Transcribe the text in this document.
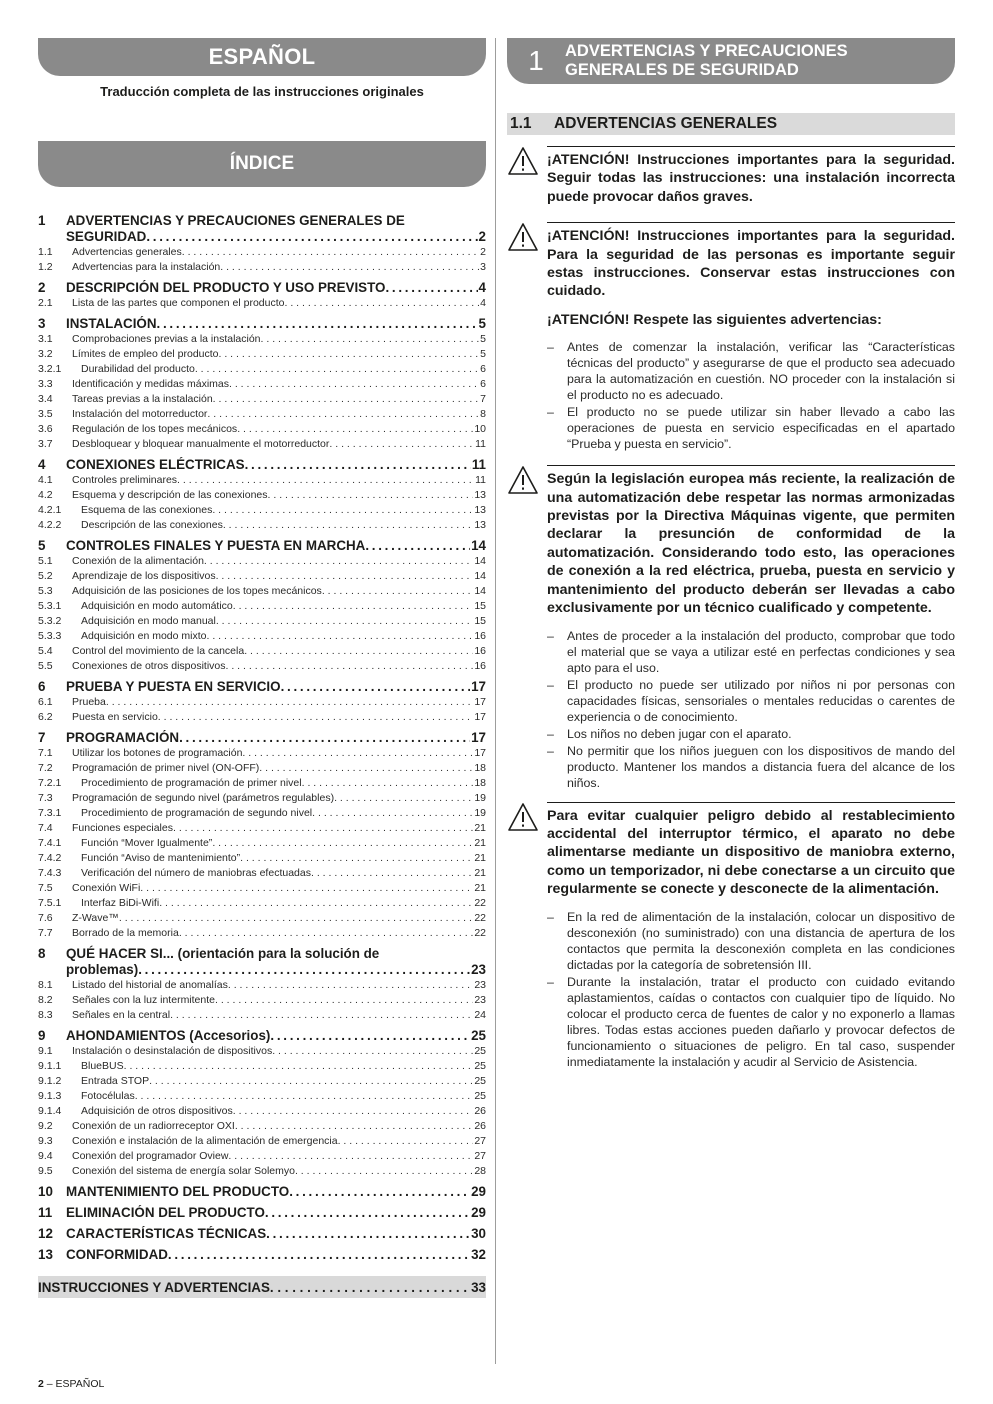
ESPAÑOL
Traducción completa de las instrucciones originales
ÍNDICE
1	ADVERTENCIAS Y PRECAUCIONES GENERALES DE
SEGURIDAD . . .	2
1.1	Advertencias generales . . .	2
1.2	Advertencias para la instalación . . .	3
2	DESCRIPCIÓN DEL PRODUCTO Y USO PREVISTO . . .	4
2.1	Lista de las partes que componen el producto . . .	4
3	INSTALACIÓN . . .	5
3.1	Comprobaciones previas a la instalación . . .	5
3.2	Límites de empleo del producto . . .	5
3.2.1	Durabilidad del producto . . .	6
3.3	Identificación y medidas máximas . . .	6
3.4	Tareas previas a la instalación . . .	7
3.5	Instalación del motorreductor . . .	8
3.6	Regulación de los topes mecánicos . . .	10
3.7	Desbloquear y bloquear manualmente el motorreductor . . .	11
4	CONEXIONES ELÉCTRICAS . . .	11
4.1	Controles preliminares . . .	11
4.2	Esquema y descripción de las conexiones . . .	13
4.2.1	Esquema de las conexiones . . .	13
4.2.2	Descripción de las conexiones . . .	13
5	CONTROLES FINALES Y PUESTA EN MARCHA . . .	14
5.1	Conexión de la alimentación . . .	14
5.2	Aprendizaje de los dispositivos . . .	14
5.3	Adquisición de las posiciones de los topes mecánicos . . .	14
5.3.1	Adquisición en modo automático . . .	15
5.3.2	Adquisición en modo manual . . .	15
5.3.3	Adquisición en modo mixto . . .	16
5.4	Control del movimiento de la cancela . . .	16
5.5	Conexiones de otros dispositivos . . .	16
6	PRUEBA Y PUESTA EN SERVICIO . . .	17
6.1	Prueba . . .	17
6.2	Puesta en servicio . . .	17
7	PROGRAMACIÓN . . .	17
7.1	Utilizar los botones de programación . . .	17
7.2	Programación de primer nivel (ON-OFF) . . .	18
7.2.1	Procedimiento de programación de primer nivel . . .	18
7.3	Programación de segundo nivel (parámetros regulables) . . .	19
7.3.1	Procedimiento de programación de segundo nivel . . .	19
7.4	Funciones especiales . . .	21
7.4.1	Función “Mover Igualmente” . . .	21
7.4.2	Función “Aviso de mantenimiento” . . .	21
7.4.3	Verificación del número de maniobras efectuadas . . .	21
7.5	Conexión WiFi . . .	21
7.5.1	Interfaz BiDi-Wifi . . .	22
7.6	Z-Wave™ . . .	22
7.7	Borrado de la memoria . . .	22
8	QUÉ HACER SI... (orientación para la solución de
problemas) . . .	23
8.1	Listado del historial de anomalías . . .	23
8.2	Señales con la luz intermitente . . .	23
8.3	Señales en la central . . .	24
9	AHONDAMIENTOS (Accesorios) . . .	25
9.1	Instalación o desinstalación de dispositivos . . .	25
9.1.1	BlueBUS . . .	25
9.1.2	Entrada STOP . . .	25
9.1.3	Fotocélulas . . .	25
9.1.4	Adquisición de otros dispositivos . . .	26
9.2	Conexión de un radiorreceptor OXI . . .	26
9.3	Conexión e instalación de la alimentación de emergencia . . .	27
9.4	Conexión del programador Oview . . .	27
9.5	Conexión del sistema de energía solar Solemyo . . .	28
10 MANTENIMIENTO DEL PRODUCTO . . .	29
11	ELIMINACIÓN DEL PRODUCTO . . .	29
12 CARACTERÍSTICAS TÉCNICAS . . .	30
13 CONFORMIDAD . . .	32
INSTRUCCIONES Y ADVERTENCIAS . . .	33
1	ADVERTENCIAS Y PRECAUCIONES
GENERALES DE SEGURIDAD
1.1	ADVERTENCIAS GENERALES
¡ATENCIÓN! Instrucciones importantes para la seguridad. Seguir todas las instrucciones: una instalación incorrecta puede provocar daños graves.
¡ATENCIÓN! Instrucciones importantes para la seguridad. Para la seguridad de las personas es importante seguir estas instrucciones. Conservar estas instrucciones con cuidado.
¡ATENCIÓN! Respete las siguientes advertencias:
– Antes de comenzar la instalación, verificar las “Características técnicas del producto” y asegurarse de que el producto sea adecuado para la automatización en cuestión. NO proceder con la instalación si el producto no es adecuado.
– El producto no se puede utilizar sin haber llevado a cabo las operaciones de puesta en servicio especificadas en el apartado “Prueba y puesta en servicio”.
Según la legislación europea más reciente, la realización de una automatización debe respetar las normas armonizadas previstas por la Directiva Máquinas vigente, que permiten declarar la presunción de conformidad de la automatización. Considerando todo esto, las operaciones de conexión a la red eléctrica, prueba, puesta en servicio y mantenimiento del producto deberán ser llevadas a cabo exclusivamente por un técnico cualificado y competente.
– Antes de proceder a la instalación del producto, comprobar que todo el material que se vaya a utilizar esté en perfectas condiciones y sea apto para el uso.
– El producto no puede ser utilizado por niños ni por personas con capacidades físicas, sensoriales o mentales reducidas o carentes de experiencia o de conocimiento.
– Los niños no deben jugar con el aparato.
– No permitir que los niños jueguen con los dispositivos de mando del producto. Mantener los mandos a distancia fuera del alcance de los niños.
Para evitar cualquier peligro debido al restablecimiento accidental del interruptor térmico, el aparato no debe alimentarse mediante un dispositivo de maniobra externo, como un temporizador, ni debe conectarse a un circuito que regularmente se conecte y desconecte de la alimentación.
– En la red de alimentación de la instalación, colocar un dispositivo de desconexión (no suministrado) con una distancia de apertura de los contactos que permita la desconexión completa en las condiciones dictadas por la categoría de sobretensión III.
– Durante la instalación, tratar el producto con cuidado evitando aplastamientos, caídas o contactos con cualquier tipo de líquido. No colocar el producto cerca de fuentes de calor y no exponerlo a llamas libres. Todas estas acciones pueden dañarlo y provocar defectos de funcionamiento o situaciones de peligro. En tal caso, suspender inmediatamente la instalación y acudir al Servicio de Asistencia.
2 – ESPAÑOL
